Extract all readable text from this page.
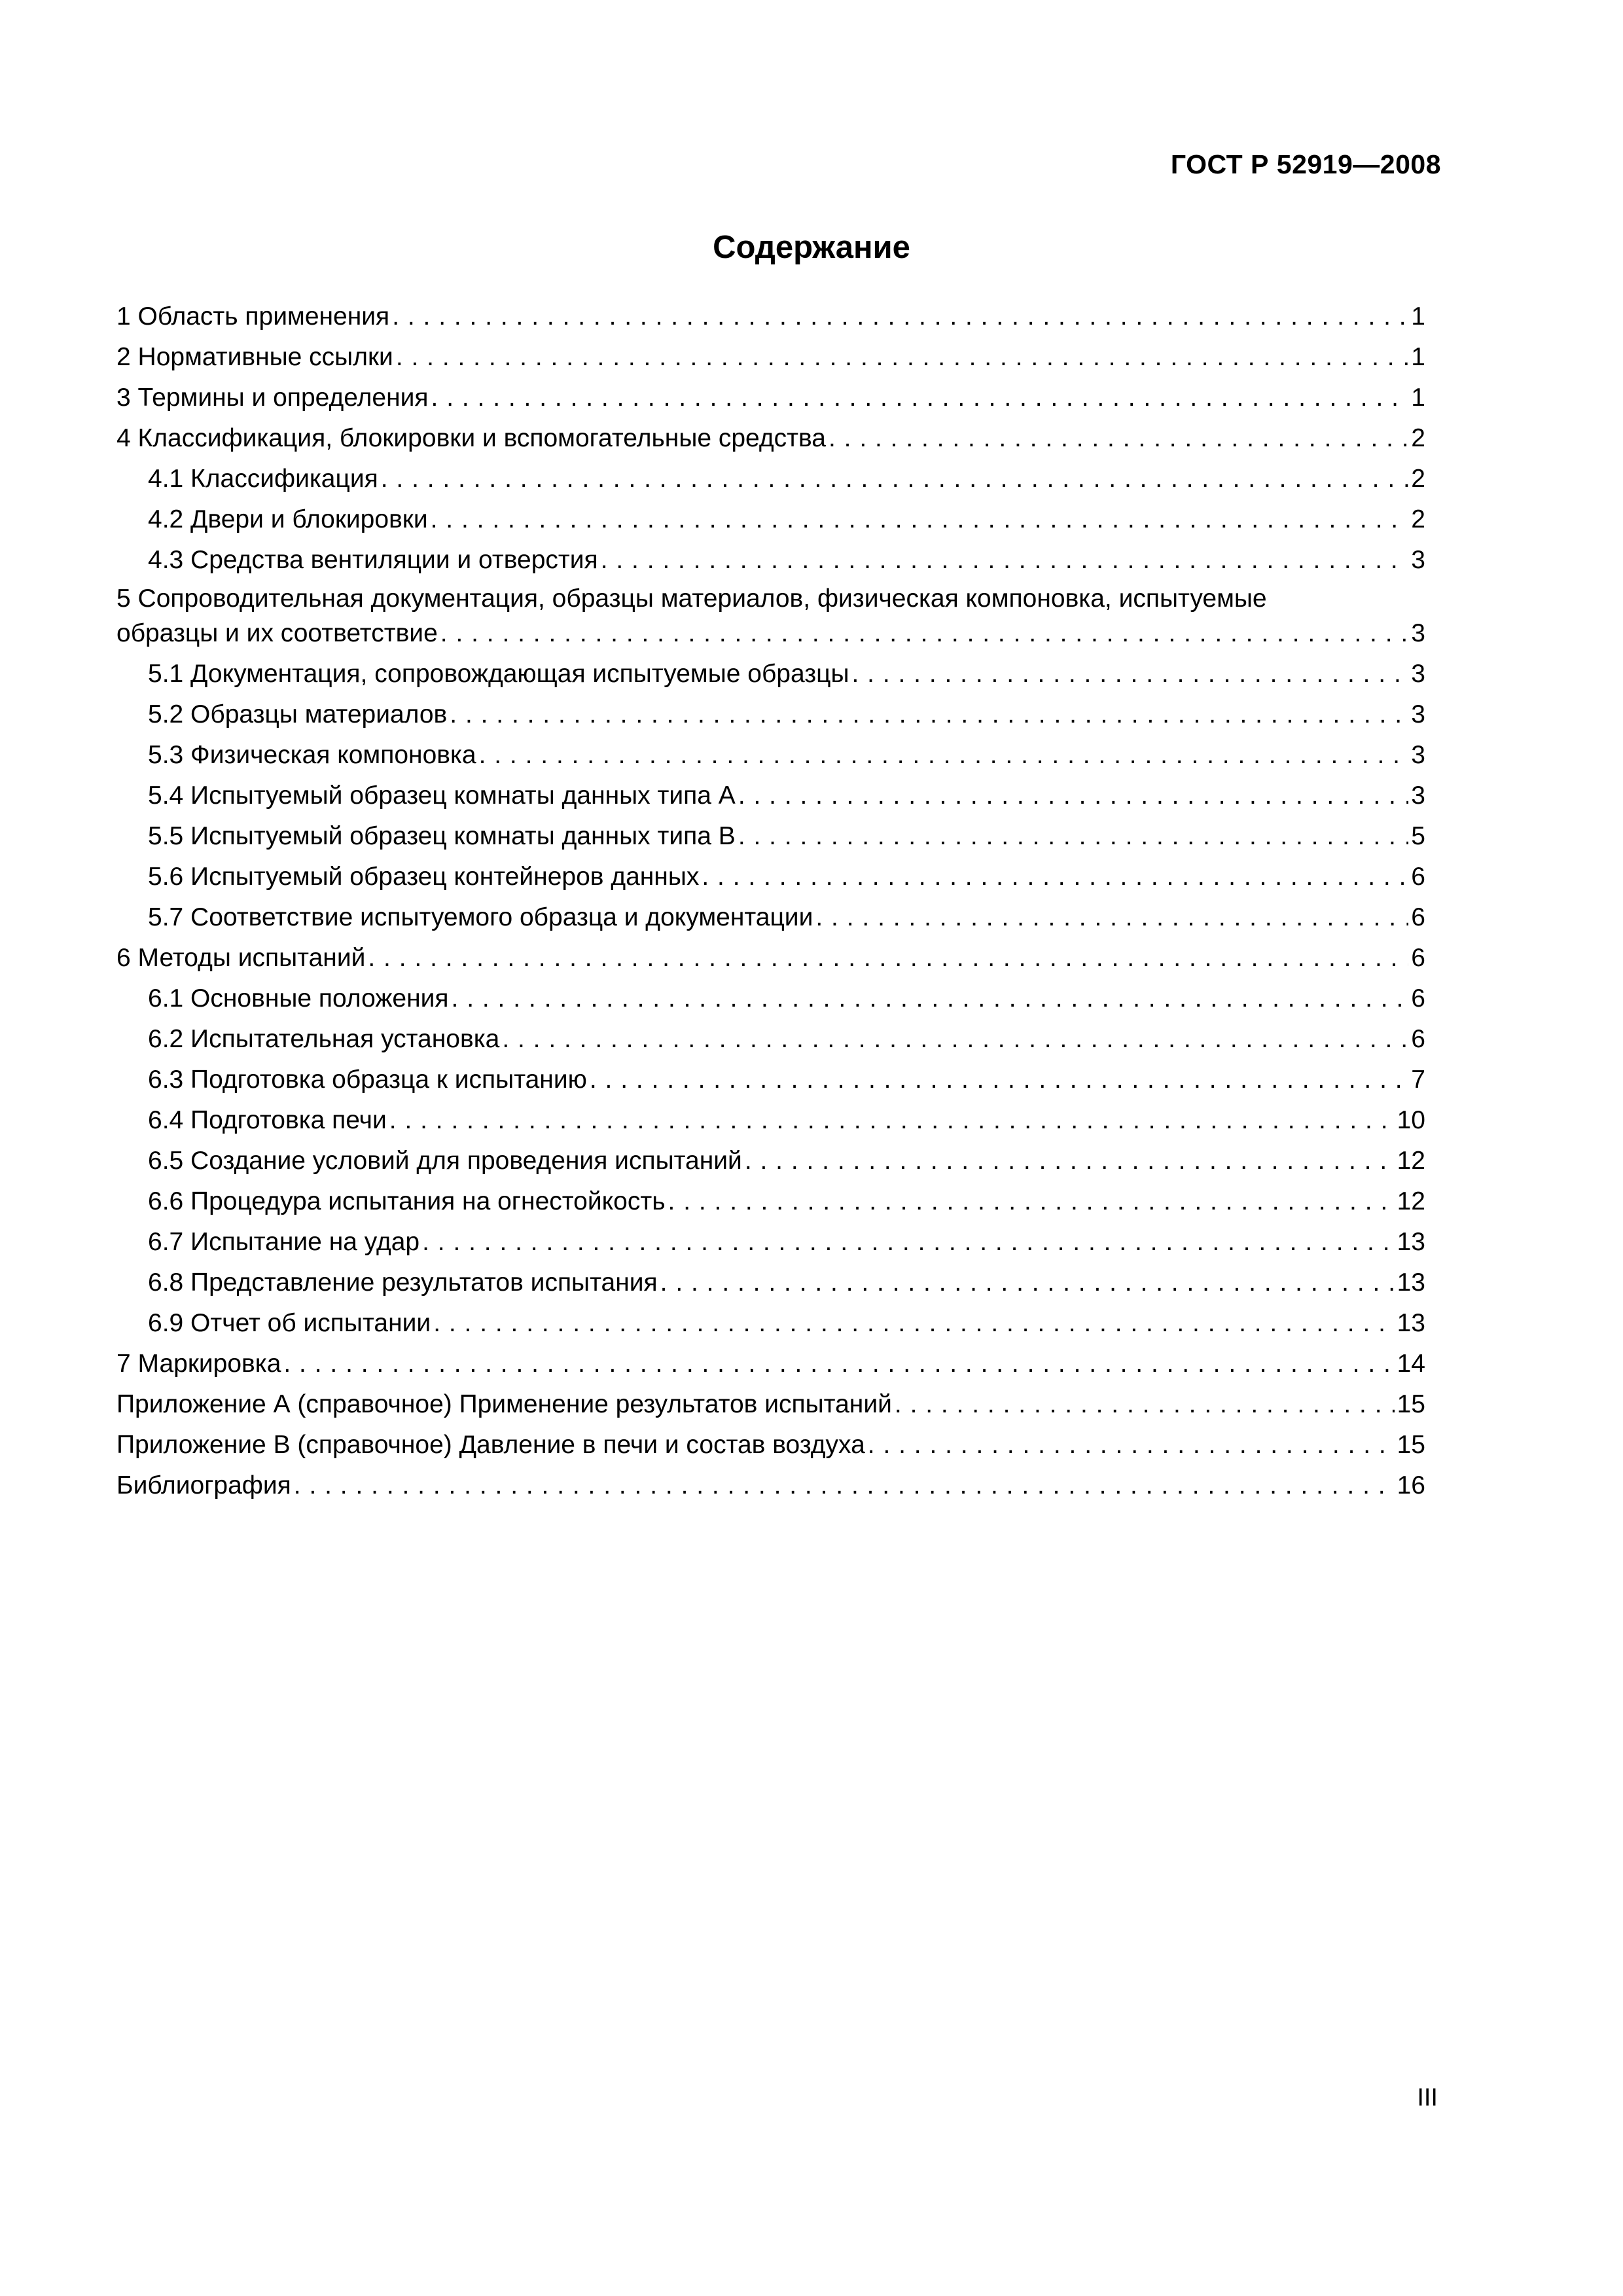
ГОСТ Р 52919—2008
Содержание
1 Область применения . . .	1
2 Нормативные ссылки . . .	1
3 Термины и определения . . .	1
4 Классификация, блокировки и вспомогательные средства . . .	2
4.1 Классификация . . .	2
4.2 Двери и блокировки . . .	2
4.3 Средства вентиляции и отверстия . . .	3
5 Сопроводительная документация, образцы материалов, физическая компоновка, испытуемые
образцы и их соответствие . . .	3
5.1 Документация, сопровождающая испытуемые образцы . . .	3
5.2 Образцы материалов . . .	3
5.3 Физическая компоновка . . .	3
5.4 Испытуемый образец комнаты данных типа А . . .	3
5.5 Испытуемый образец комнаты данных типа В . . .	5
5.6 Испытуемый образец контейнеров данных . . .	6
5.7 Соответствие испытуемого образца и документации . . .	6
6 Методы испытаний . . .	6
6.1 Основные положения . . .	6
6.2 Испытательная установка . . .	6
6.3 Подготовка образца к испытанию . . .	7
6.4 Подготовка печи . . .	10
6.5 Создание условий для проведения испытаний . . .	12
6.6 Процедура испытания на огнестойкость . . .	12
6.7 Испытание на удар . . .	13
6.8 Представление результатов испытания . . .	13
6.9 Отчет об испытании . . .	13
7 Маркировка . . .	14
Приложение А (справочное) Применение результатов испытаний . . .	15
Приложение В (справочное) Давление в печи и состав воздуха . . .	15
Библиография . . .	16
III
